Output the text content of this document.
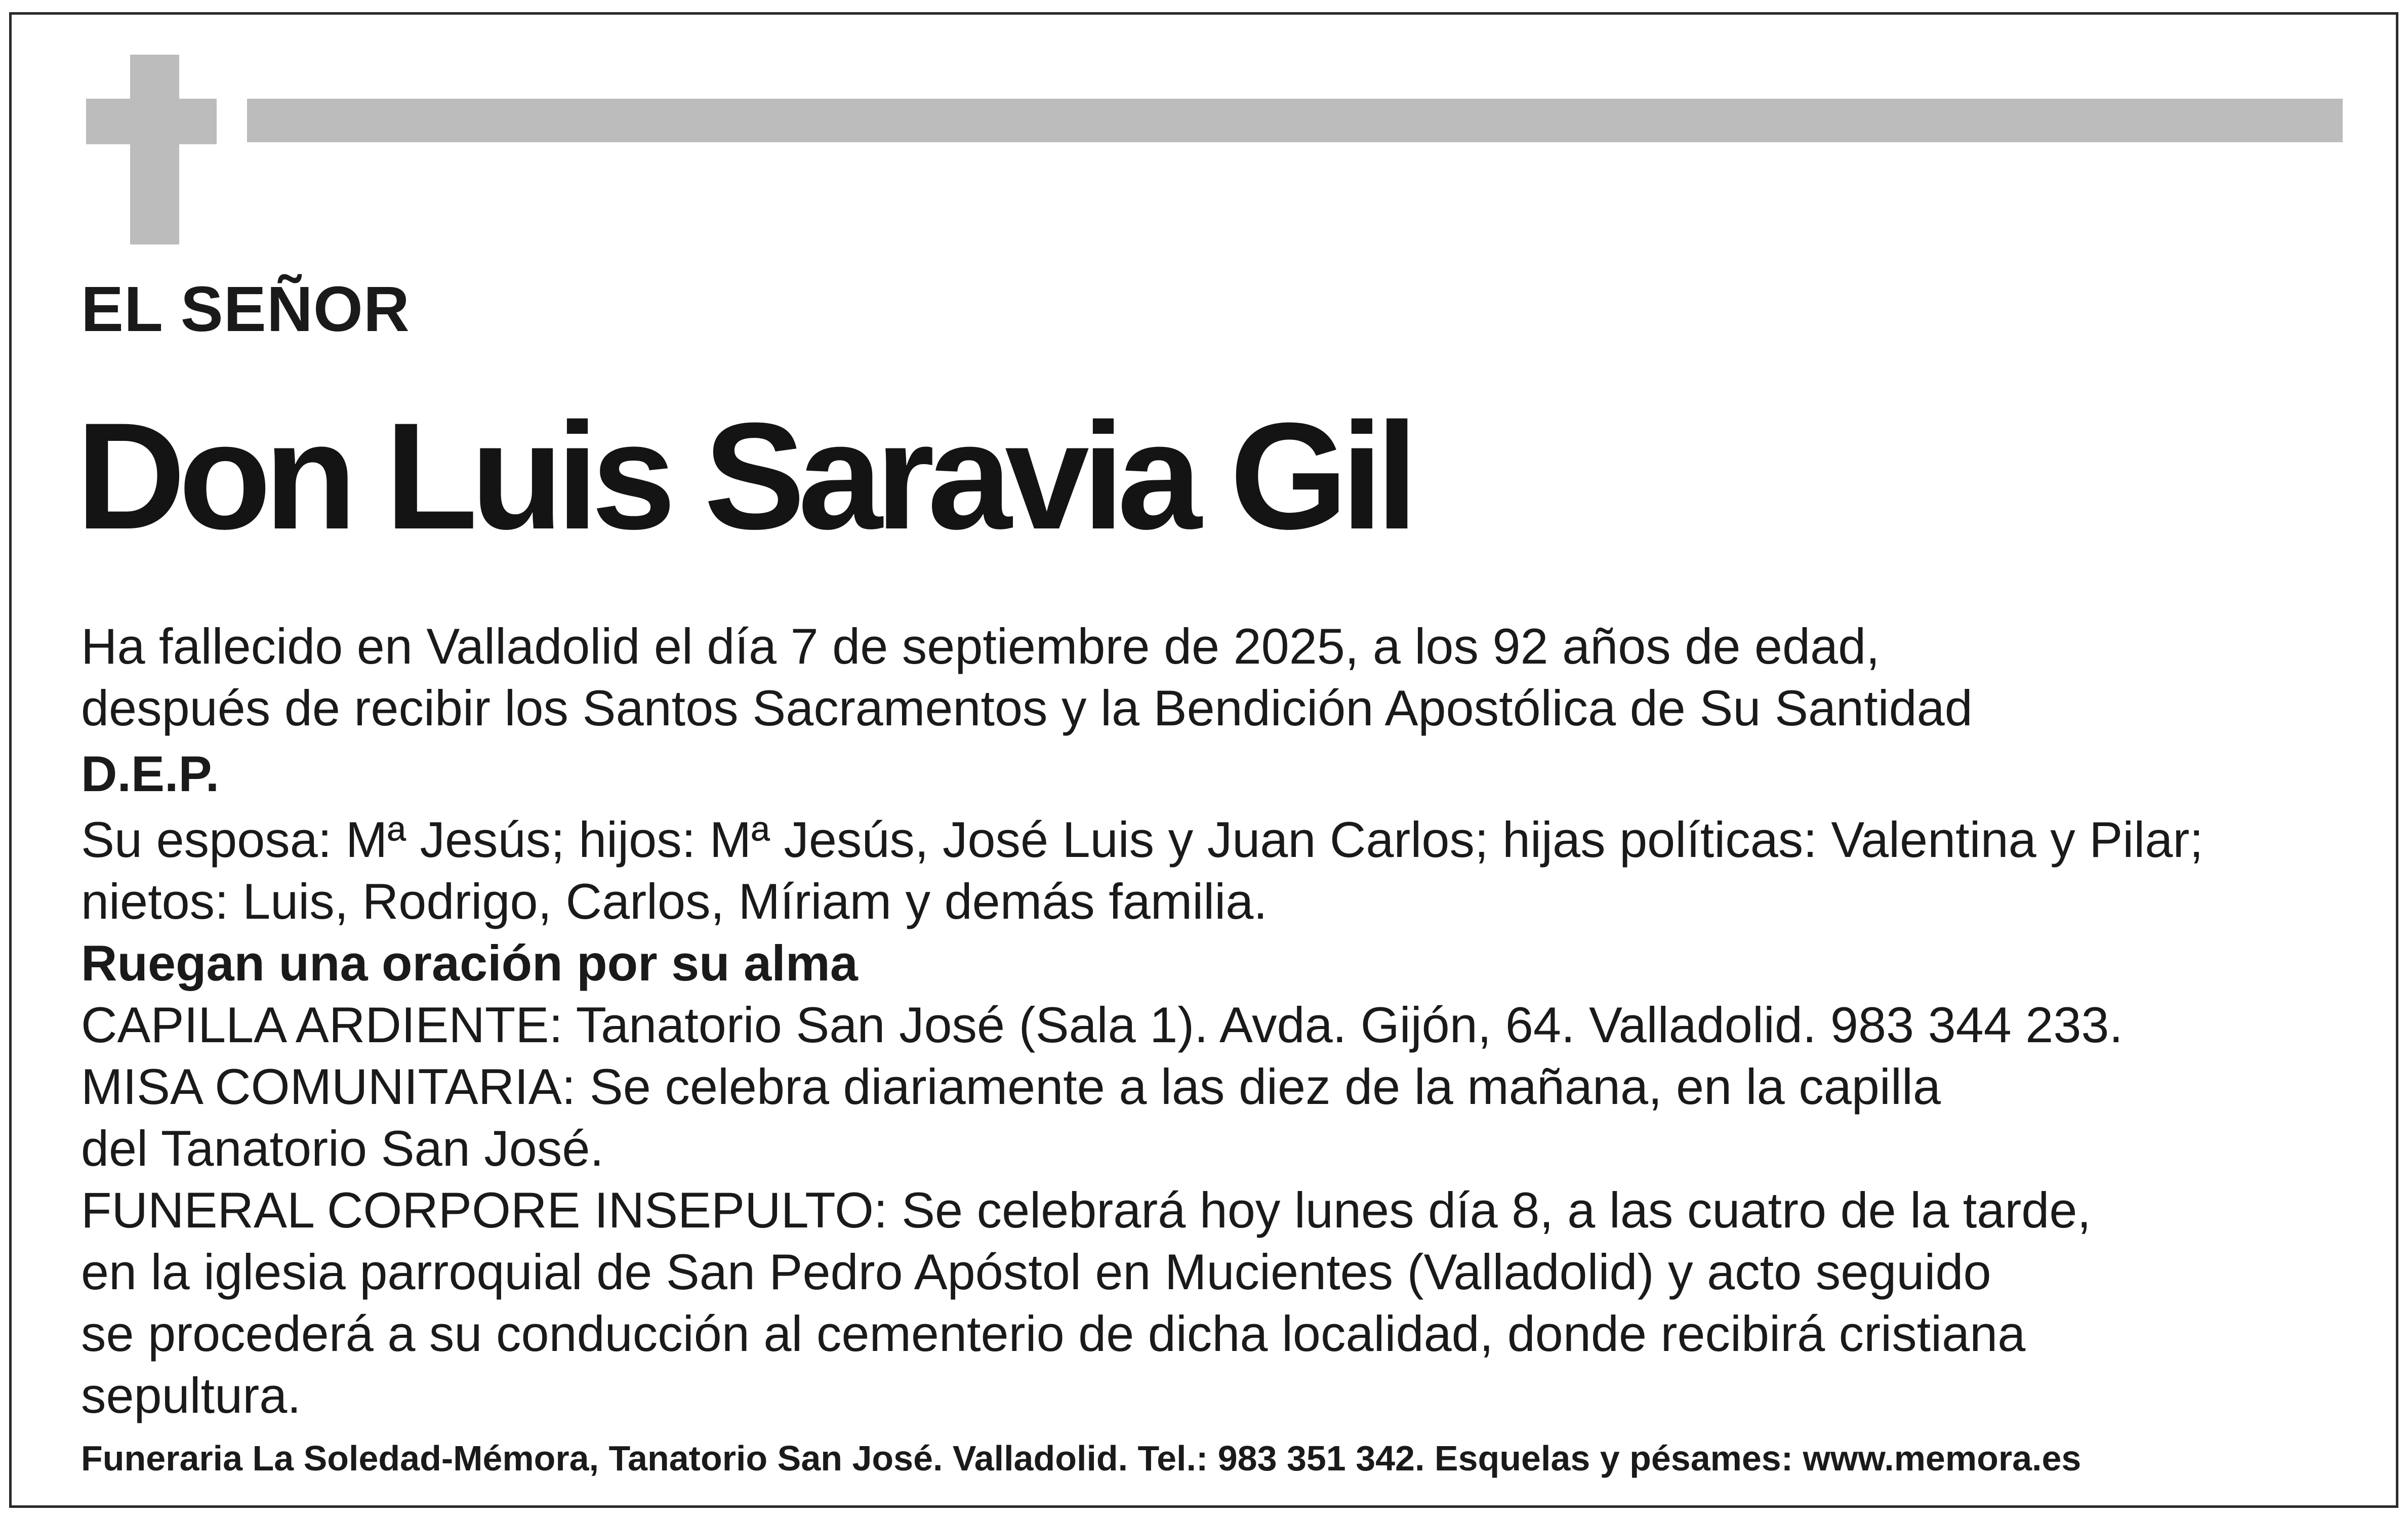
EL SEÑOR
Don Luis Saravia Gil

Ha fallecido en Valladolid el día 7 de septiembre de 2025, a los 92 años de edad,

después de recibir los Santos Sacramentos y la Bendición Apostólica de Su Santidad

D.E.P.

Su esposa: Mª Jesús; hijos: Mª Jesús, José Luis y Juan Carlos; hijas políticas: Valentina y Pilar;

nietos: Luis, Rodrigo, Carlos, Míriam y demás familia.

Ruegan una oración por su alma

CAPILLA ARDIENTE: Tanatorio San José (Sala 1). Avda. Gijón, 64. Valladolid. 983 344 233.

MISA COMUNITARIA: Se celebra diariamente a las diez de la mañana, en la capilla

del Tanatorio San José.

FUNERAL CORPORE INSEPULTO: Se celebrará hoy lunes día 8, a las cuatro de la tarde,

en la iglesia parroquial de San Pedro Apóstol en Mucientes (Valladolid) y acto seguido

se procederá a su conducción al cementerio de dicha localidad, donde recibirá cristiana

sepultura.

Funeraria La Soledad-Mémora, Tanatorio San José. Valladolid. Tel.: 983 351 342. Esquelas y pésames: www.memora.es
